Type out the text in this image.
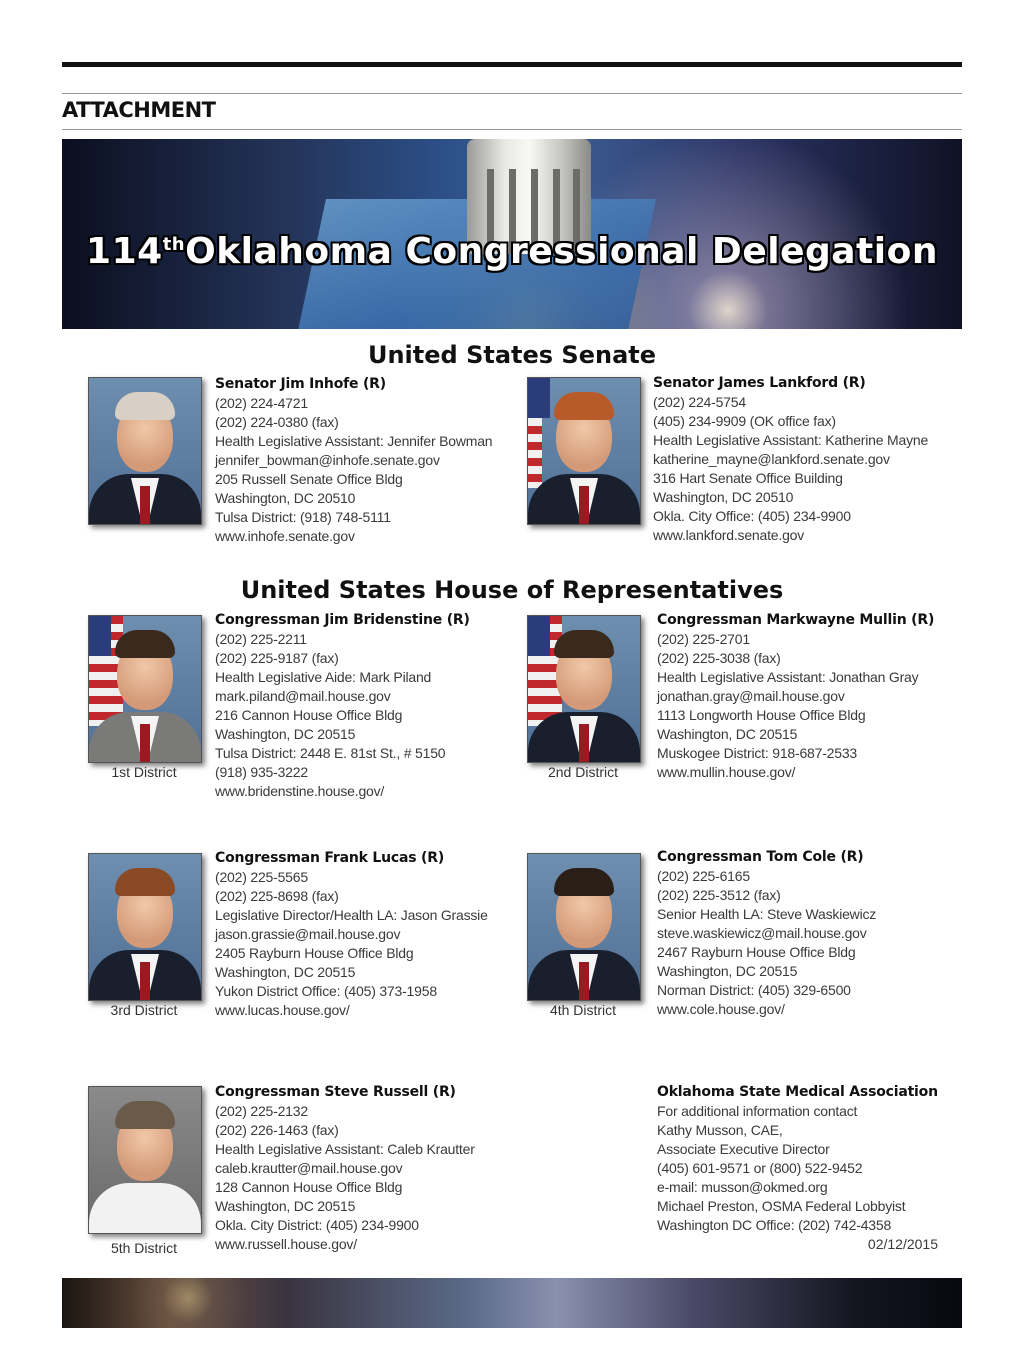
ATTACHMENT
114thOklahoma Congressional Delegation
United States Senate
Senator Jim Inhofe (R)
(202) 224-4721
(202) 224-0380 (fax)
Health Legislative Assistant: Jennifer Bowman
jennifer_bowman@inhofe.senate.gov
205 Russell Senate Office Bldg
Washington, DC 20510
Tulsa District: (918) 748-5111
www.inhofe.senate.gov
Senator James Lankford (R)
(202) 224-5754
(405) 234-9909 (OK office fax)
Health Legislative Assistant: Katherine Mayne
katherine_mayne@lankford.senate.gov
316 Hart Senate Office Building
Washington, DC 20510
Okla. City Office: (405) 234-9900
www.lankford.senate.gov
United States House of Representatives
1st District
Congressman Jim Bridenstine (R)
(202) 225-2211
(202) 225-9187 (fax)
Health Legislative Aide: Mark Piland
mark.piland@mail.house.gov
216 Cannon House Office Bldg
Washington, DC 20515
Tulsa District: 2448 E. 81st St., # 5150
(918) 935-3222
www.bridenstine.house.gov/
2nd District
Congressman Markwayne Mullin (R)
(202) 225-2701
(202) 225-3038 (fax)
Health Legislative Assistant: Jonathan Gray
jonathan.gray@mail.house.gov
1113 Longworth House Office Bldg
Washington, DC 20515
Muskogee District: 918-687-2533
www.mullin.house.gov/
3rd District
Congressman Frank Lucas (R)
(202) 225-5565
(202) 225-8698 (fax)
Legislative Director/Health LA: Jason Grassie
jason.grassie@mail.house.gov
2405 Rayburn House Office Bldg
Washington, DC 20515
Yukon District Office: (405) 373-1958
www.lucas.house.gov/	4th District
Congressman Tom Cole (R)
(202) 225-6165
(202) 225-3512 (fax)
Senior Health LA: Steve Waskiewicz
steve.waskiewicz@mail.house.gov
2467 Rayburn House Office Bldg
Washington, DC 20515
Norman District: (405) 329-6500
www.cole.house.gov/
5th District
Congressman Steve Russell (R)
(202) 225-2132
(202) 226-1463 (fax)
Health Legislative Assistant: Caleb Krautter
caleb.krautter@mail.house.gov
128 Cannon House Office Bldg
Washington, DC 20515
Okla. City District: (405) 234-9900
www.russell.house.gov/
Oklahoma State Medical Association
For additional information contact
Kathy Musson, CAE,
Associate Executive Director
(405) 601-9571 or (800) 522-9452
e-mail: musson@okmed.org
Michael Preston, OSMA Federal Lobbyist
Washington DC Office: (202) 742-4358
02/12/2015
